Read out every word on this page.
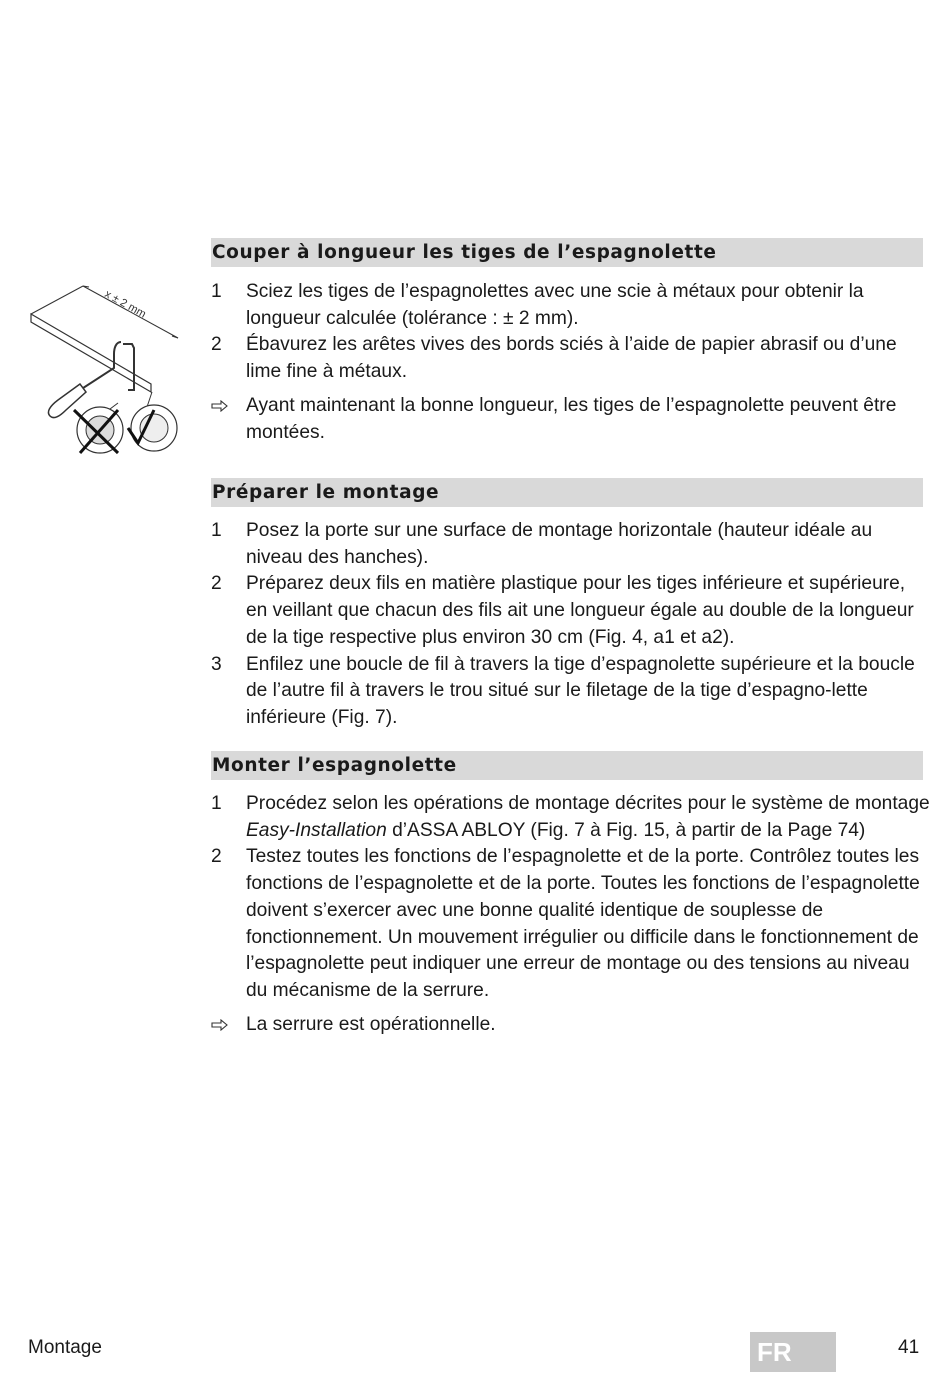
x ± 2 mm
Couper à longueur les tiges de l’espagnolette
1	Sciez les tiges de l’espagnolettes avec une scie à métaux pour obtenir la longueur calculée (tolérance : ± 2 mm).
2	Ébavurez les arêtes vives des bords sciés à l’aide de papier abrasif ou d’une lime fine à métaux.
Ayant maintenant la bonne longueur, les tiges de l’espagnolette peuvent être montées.
Préparer le montage
1	Posez la porte sur une surface de montage horizontale (hauteur idéale au niveau des hanches).
2	Préparez deux fils en matière plastique pour les tiges inférieure et supérieure, en veillant que chacun des fils ait une longueur égale au double de la longueur de la tige respective plus environ 30 cm (Fig. 4, a1 et a2).
3	Enfilez une boucle de fil à travers la tige d’espagnolette supérieure et la boucle de l’autre fil à travers le trou situé sur le filetage de la tige d’espagno-lette inférieure (Fig. 7).
Monter l’espagnolette
1	Procédez selon les opérations de montage décrites pour le système de montage Easy-Installation d’ASSA ABLOY (Fig. 7 à Fig. 15, à partir de la Page 74)
2	Testez toutes les fonctions de l’espagnolette et de la porte. Contrôlez toutes les fonctions de l’espagnolette et de la porte. Toutes les fonctions de l’espagnolette doivent s’exercer avec une bonne qualité identique de souplesse de fonctionnement. Un mouvement irrégulier ou difficile dans le fonctionnement de l’espagnolette peut indiquer une erreur de montage ou des tensions au niveau du mécanisme de la serrure.
La serrure est opérationnelle.
Montage	FR	41
